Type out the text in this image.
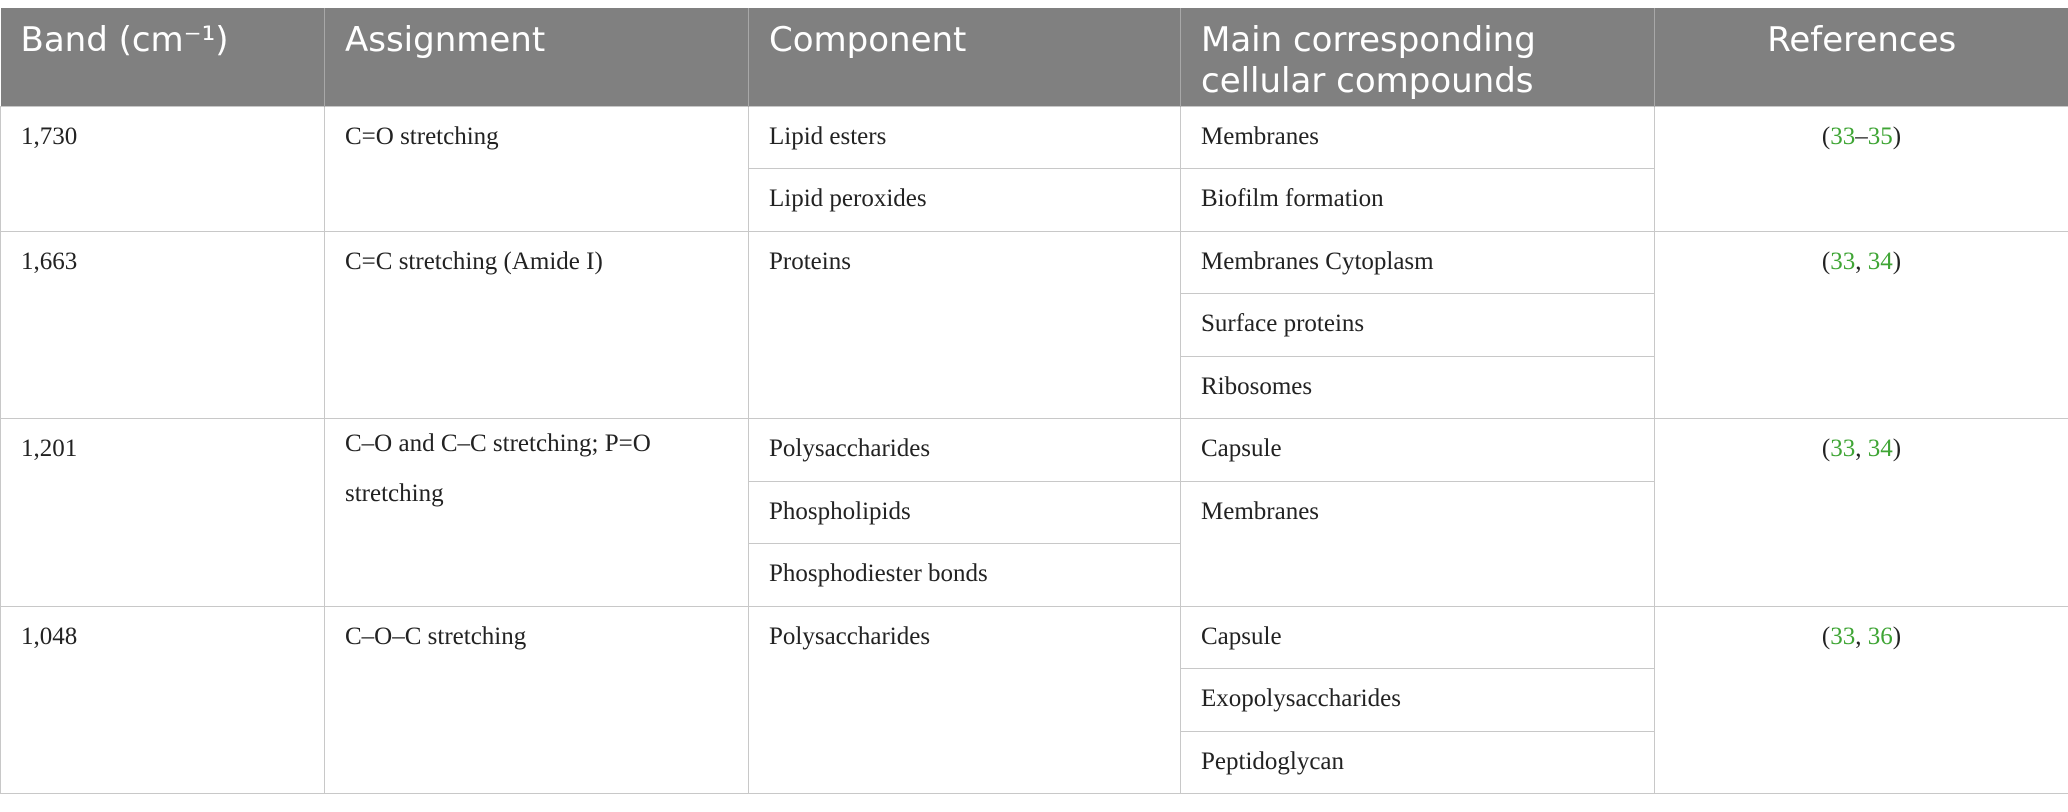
Band (cm⁻¹)	Assignment	Component	Main corresponding cellular compounds	References
1,730	C=O stretching	Lipid esters	Membranes	(33–35)
		Lipid peroxides	Biofilm formation	
1,663	C=C stretching (Amide I)	Proteins	Membranes Cytoplasm	(33, 34)
			Surface proteins	
			Ribosomes	
1,201	C–O and C–C stretching; P=O stretching	Polysaccharides	Capsule	(33, 34)
		Phospholipids	Membranes	
		Phosphodiester bonds		
1,048	C–O–C stretching	Polysaccharides	Capsule	(33, 36)
			Exopolysaccharides	
			Peptidoglycan	
